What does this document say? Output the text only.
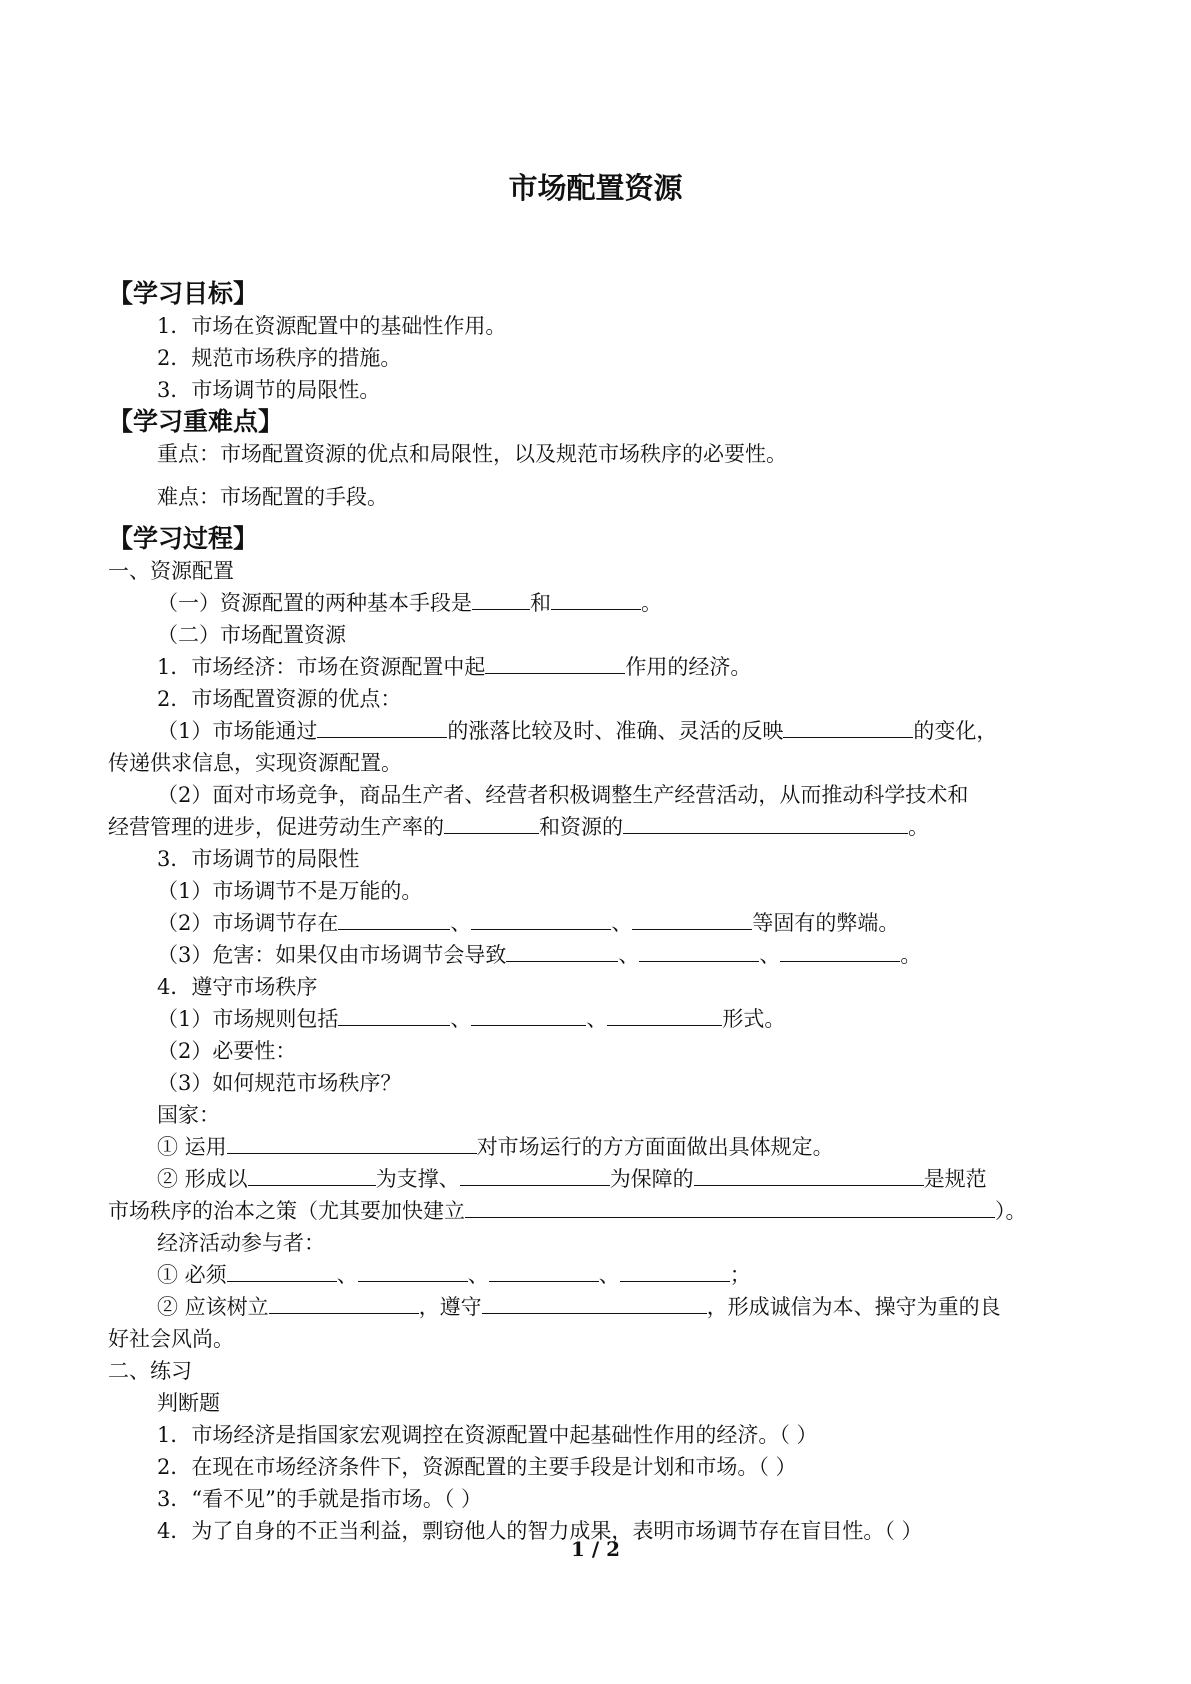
市场配置资源
【学习目标】
1．市场在资源配置中的基础性作用。
2．规范市场秩序的措施。
3．市场调节的局限性。
【学习重难点】
重点：市场配置资源的优点和局限性，以及规范市场秩序的必要性。
难点：市场配置的手段。
【学习过程】
一、资源配置
（一）资源配置的两种基本手段是	和	。
（二）市场配置资源
1．市场经济：市场在资源配置中起	作用的经济。
2．市场配置资源的优点：
（1）市场能通过	的涨落比较及时、准确、灵活的反映	的变化，
传递供求信息，实现资源配置。
（2）面对市场竞争，商品生产者、经营者积极调整生产经营活动，从而推动科学技术和
经营管理的进步，促进劳动生产率的	和资源的	。
3．市场调节的局限性
（1）市场调节不是万能的。
（2）市场调节存在	、	、	等固有的弊端。
（3）危害：如果仅由市场调节会导致	、	、	。
4．遵守市场秩序
（1）市场规则包括	、	、	形式。
（2）必要性：
（3）如何规范市场秩序？
国家：
① 运用	对市场运行的方方面面做出具体规定。
② 形成以	为支撑、	为保障的	是规范
市场秩序的治本之策（尤其要加快建立	）。
经济活动参与者：
① 必须	、	、	、	；
② 应该树立	，遵守	，形成诚信为本、操守为重的良
好社会风尚。
二、练习
判断题
1．市场经济是指国家宏观调控在资源配置中起基础性作用的经济。（ ）
2．在现在市场经济条件下，资源配置的主要手段是计划和市场。（ ）
3．“看不见”的手就是指市场。（ ）
4．为了自身的不正当利益，剽窃他人的智力成果，表明市场调节存在盲目性。（ ）
1 / 2
